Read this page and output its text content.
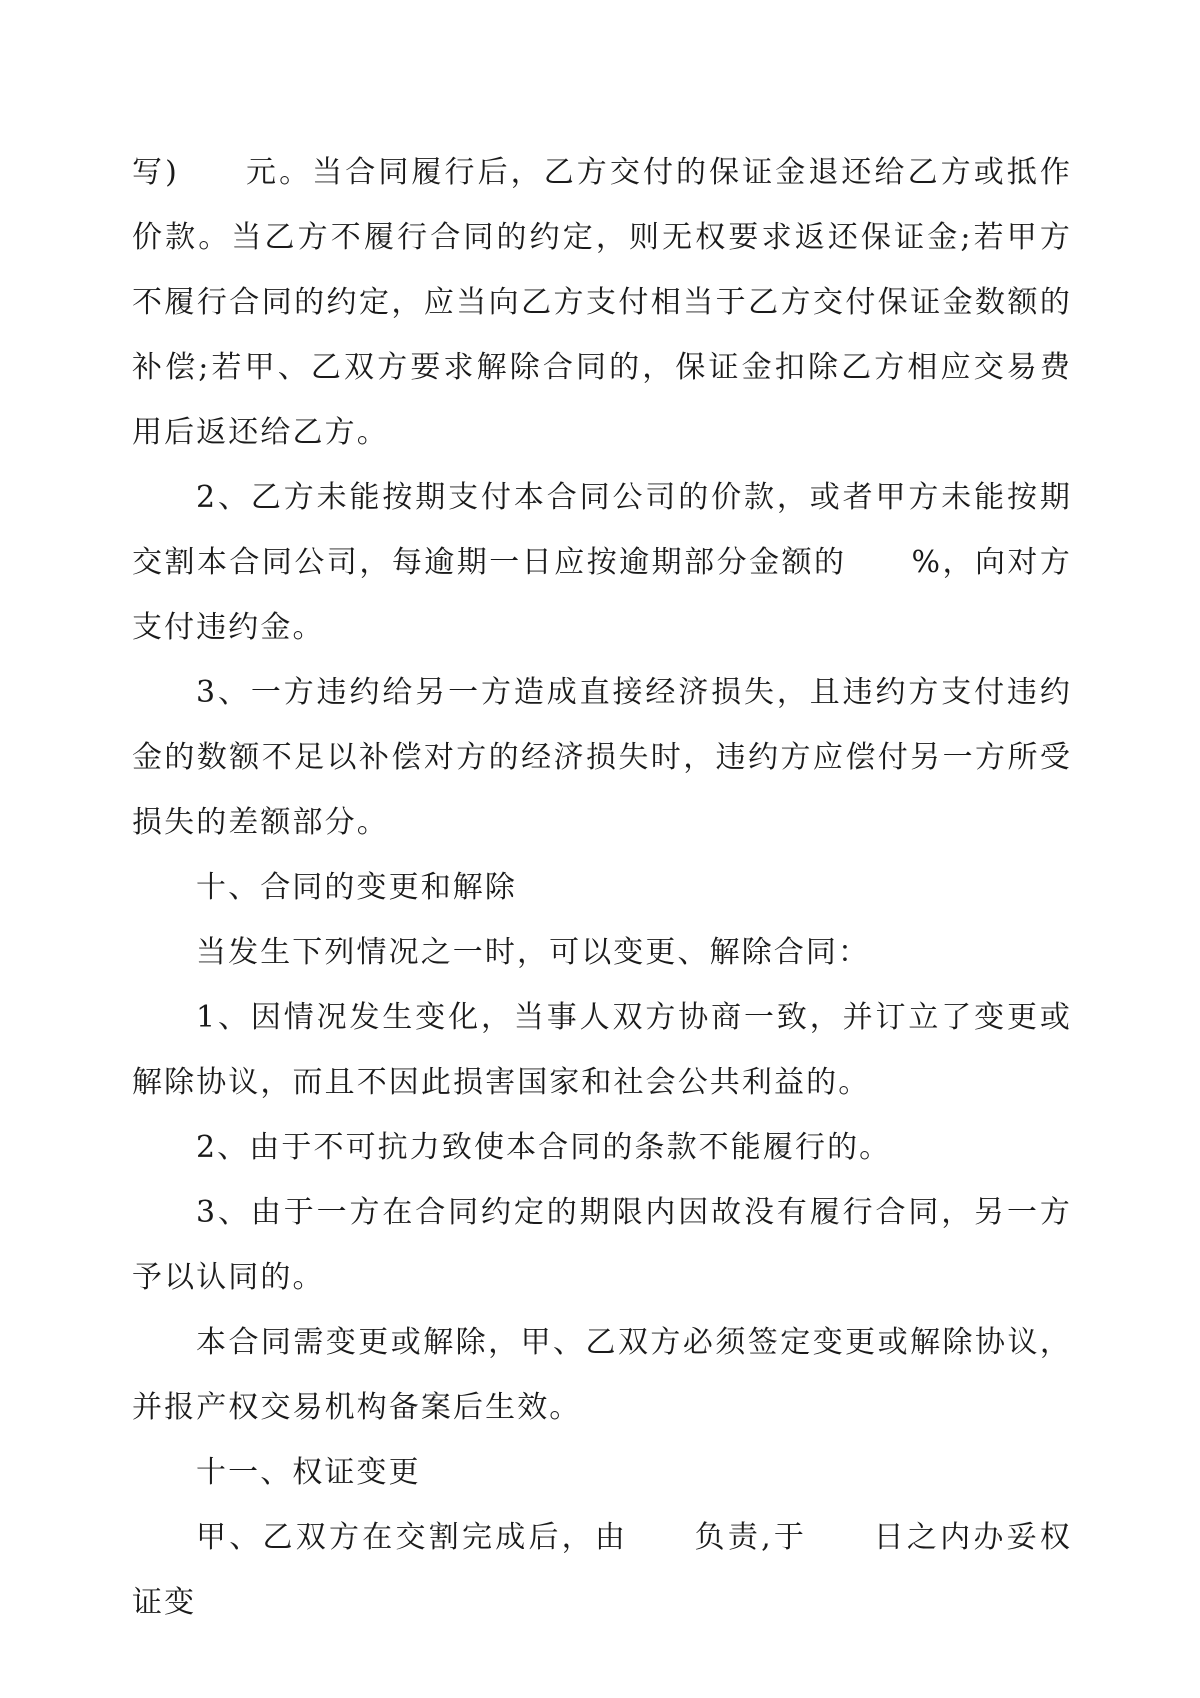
写)　　元。当合同履行后，乙方交付的保证金退还给乙方或抵作价款。当乙方不履行合同的约定，则无权要求返还保证金;若甲方不履行合同的约定，应当向乙方支付相当于乙方交付保证金数额的补偿;若甲、乙双方要求解除合同的，保证金扣除乙方相应交易费用后返还给乙方。

2、乙方未能按期支付本合同公司的价款，或者甲方未能按期交割本合同公司，每逾期一日应按逾期部分金额的　　%，向对方支付违约金。

3、一方违约给另一方造成直接经济损失，且违约方支付违约金的数额不足以补偿对方的经济损失时，违约方应偿付另一方所受损失的差额部分。

十、合同的变更和解除

当发生下列情况之一时，可以变更、解除合同：

1、因情况发生变化，当事人双方协商一致，并订立了变更或解除协议，而且不因此损害国家和社会公共利益的。

2、由于不可抗力致使本合同的条款不能履行的。

3、由于一方在合同约定的期限内因故没有履行合同，另一方予以认同的。

本合同需变更或解除，甲、乙双方必须签定变更或解除协议，并报产权交易机构备案后生效。

十一、权证变更

甲、乙双方在交割完成后，由　　负责,于　　日之内办妥权证变
